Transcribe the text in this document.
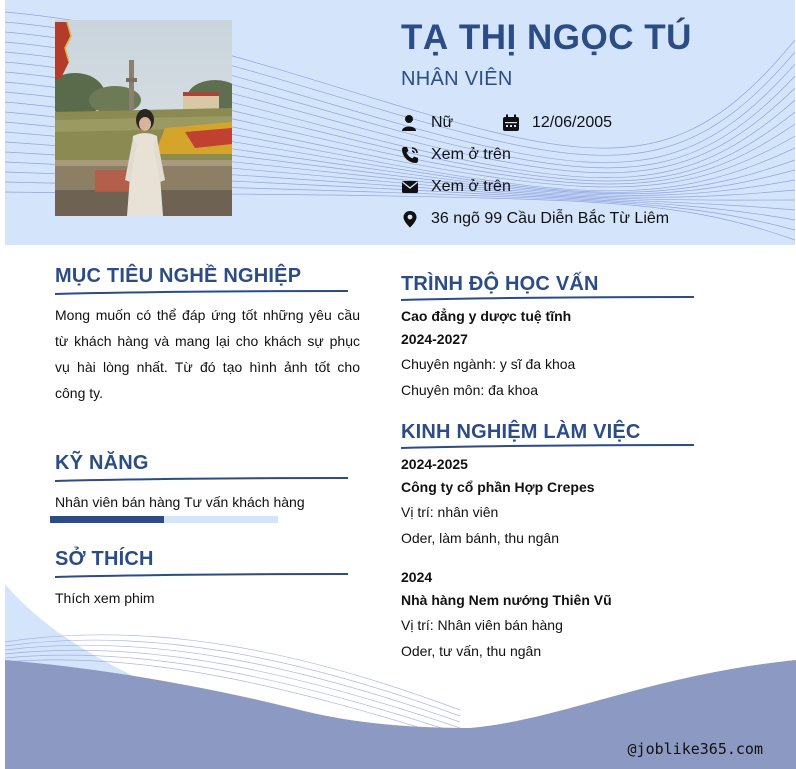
TẠ THỊ NGỌC TÚ
NHÂN VIÊN
Nữ	12/06/2005
Xem ở trên
Xem ở trên
36 ngõ 99 Cầu Diễn Bắc Từ Liêm
MỤC TIÊU NGHỀ NGHIỆP
Mong muốn có thể đáp ứng tốt những yêu cầu từ khách hàng và mang lại cho khách sự phục vụ hài lòng nhất. Từ đó tạo hình ảnh tốt cho công ty.
KỸ NĂNG
Nhân viên bán hàng Tư vấn khách hàng
SỞ THÍCH
Thích xem phim
TRÌNH ĐỘ HỌC VẤN
Cao đẳng y dược tuệ tĩnh
2024-2027
Chuyên ngành: y sĩ đa khoa
Chuyên môn: đa khoa
KINH NGHIỆM LÀM VIỆC
2024-2025
Công ty cổ phần Hợp Crepes
Vị trí: nhân viên
Oder, làm bánh, thu ngân
2024
Nhà hàng Nem nướng Thiên Vũ
Vị trí: Nhân viên bán hàng
Oder, tư vấn, thu ngân
@joblike365.com
